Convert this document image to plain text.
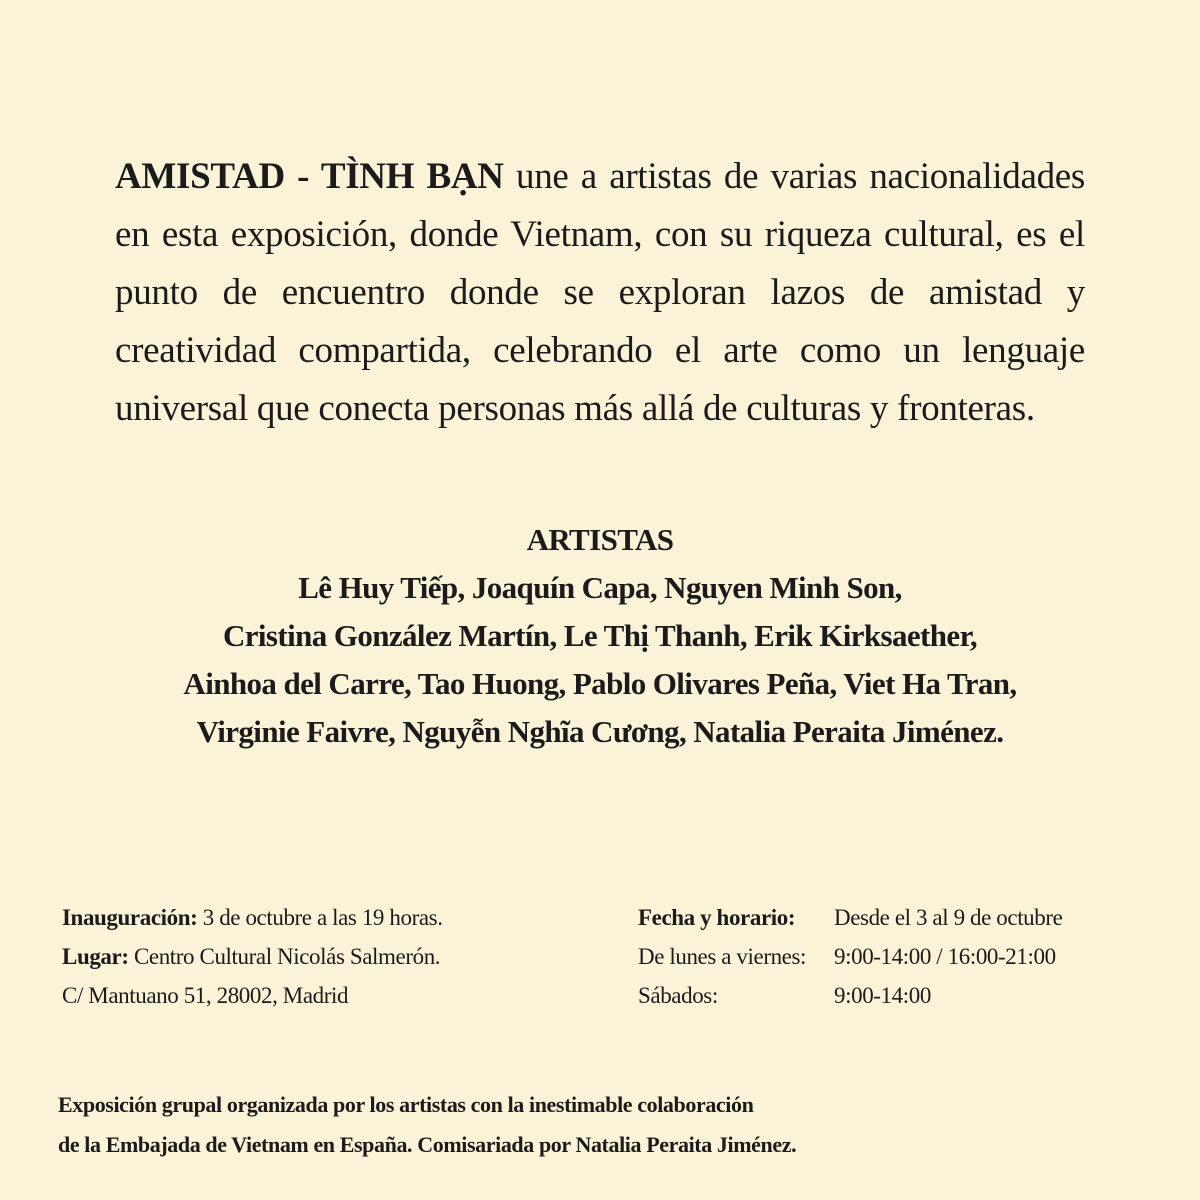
AMISTAD - TÌNH BẠN une a artistas de varias nacionalidades en esta exposición, donde Vietnam, con su riqueza cultural, es el punto de encuentro donde se exploran lazos de amistad y creatividad compartida, celebrando el arte como un lenguaje universal que conecta personas más allá de culturas y fronteras.

ARTISTAS
Lê Huy Tiếp, Joaquín Capa, Nguyen Minh Son,
Cristina González Martín, Le Thị Thanh, Erik Kirksaether,
Ainhoa del Carre, Tao Huong, Pablo Olivares Peña, Viet Ha Tran,
Virginie Faivre, Nguyễn Nghĩa Cương, Natalia Peraita Jiménez.
Inauguración: 3 de octubre a las 19 horas.
Lugar: Centro Cultural Nicolás Salmerón.
C/ Mantuano 51, 28002, Madrid
Fecha y horario:	Desde el 3 al 9 de octubre
De lunes a viernes:	9:00-14:00 / 16:00-21:00
Sábados:	9:00-14:00
Exposición grupal organizada por los artistas con la inestimable colaboración
de la Embajada de Vietnam en España. Comisariada por Natalia Peraita Jiménez.
